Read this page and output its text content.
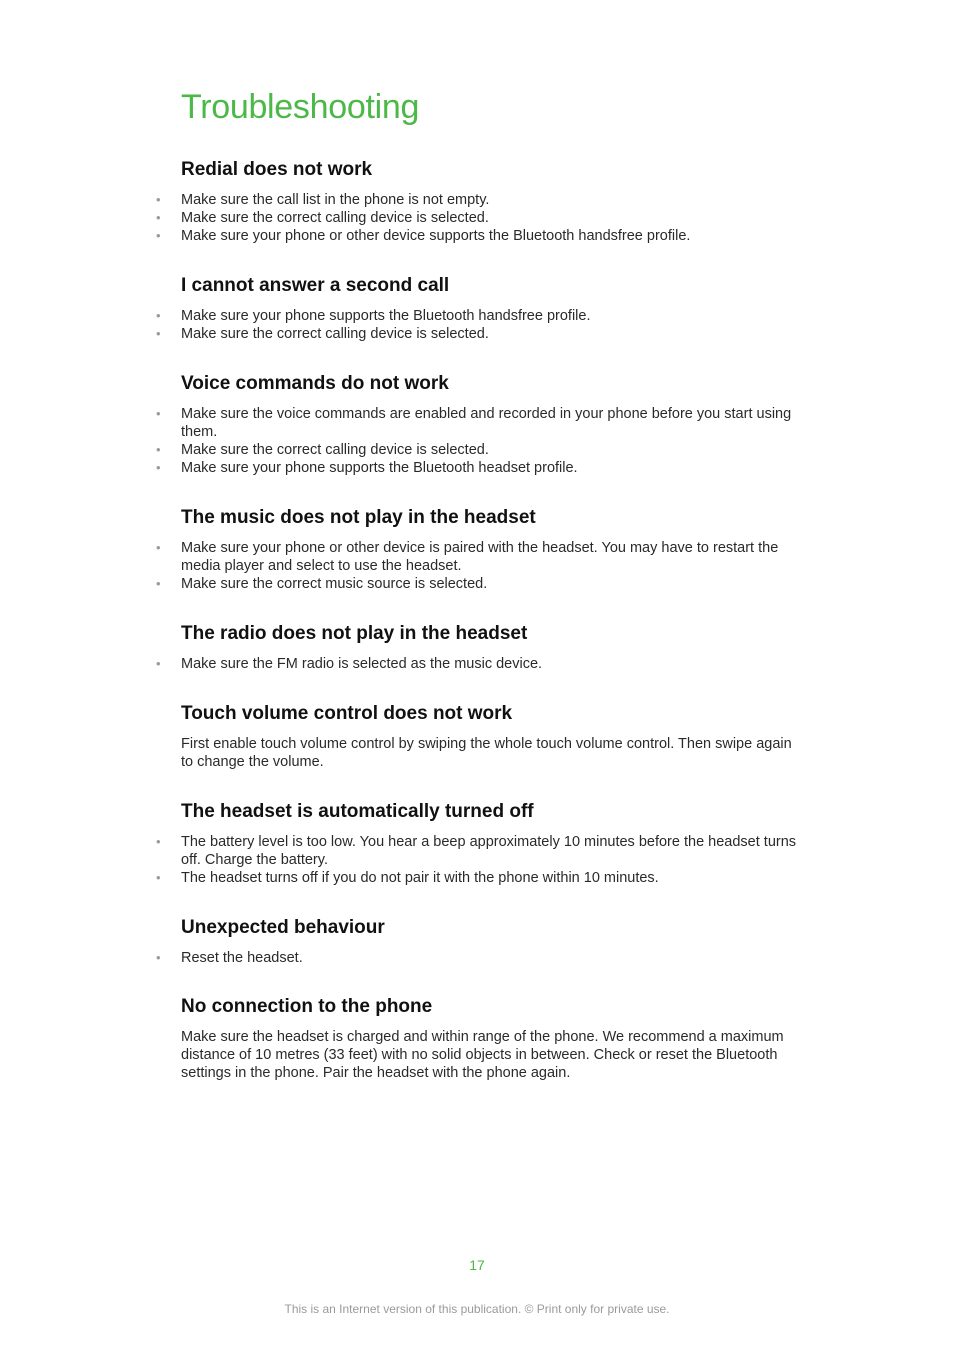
Troubleshooting
Redial does not work
• Make sure the call list in the phone is not empty.
• Make sure the correct calling device is selected.
• Make sure your phone or other device supports the Bluetooth handsfree profile.
I cannot answer a second call
• Make sure your phone supports the Bluetooth handsfree profile.
• Make sure the correct calling device is selected.
Voice commands do not work
• Make sure the voice commands are enabled and recorded in your phone before you start using them.
• Make sure the correct calling device is selected.
• Make sure your phone supports the Bluetooth headset profile.
The music does not play in the headset
• Make sure your phone or other device is paired with the headset. You may have to restart the media player and select to use the headset.
• Make sure the correct music source is selected.
The radio does not play in the headset
• Make sure the FM radio is selected as the music device.
Touch volume control does not work

First enable touch volume control by swiping the whole touch volume control. Then swipe again to change the volume.

The headset is automatically turned off
• The battery level is too low. You hear a beep approximately 10 minutes before the headset turns off. Charge the battery.
• The headset turns off if you do not pair it with the phone within 10 minutes.
Unexpected behaviour
• Reset the headset.
No connection to the phone

Make sure the headset is charged and within range of the phone. We recommend a maximum distance of 10 metres (33 feet) with no solid objects in between. Check or reset the Bluetooth settings in the phone. Pair the headset with the phone again.

17
This is an Internet version of this publication. © Print only for private use.
